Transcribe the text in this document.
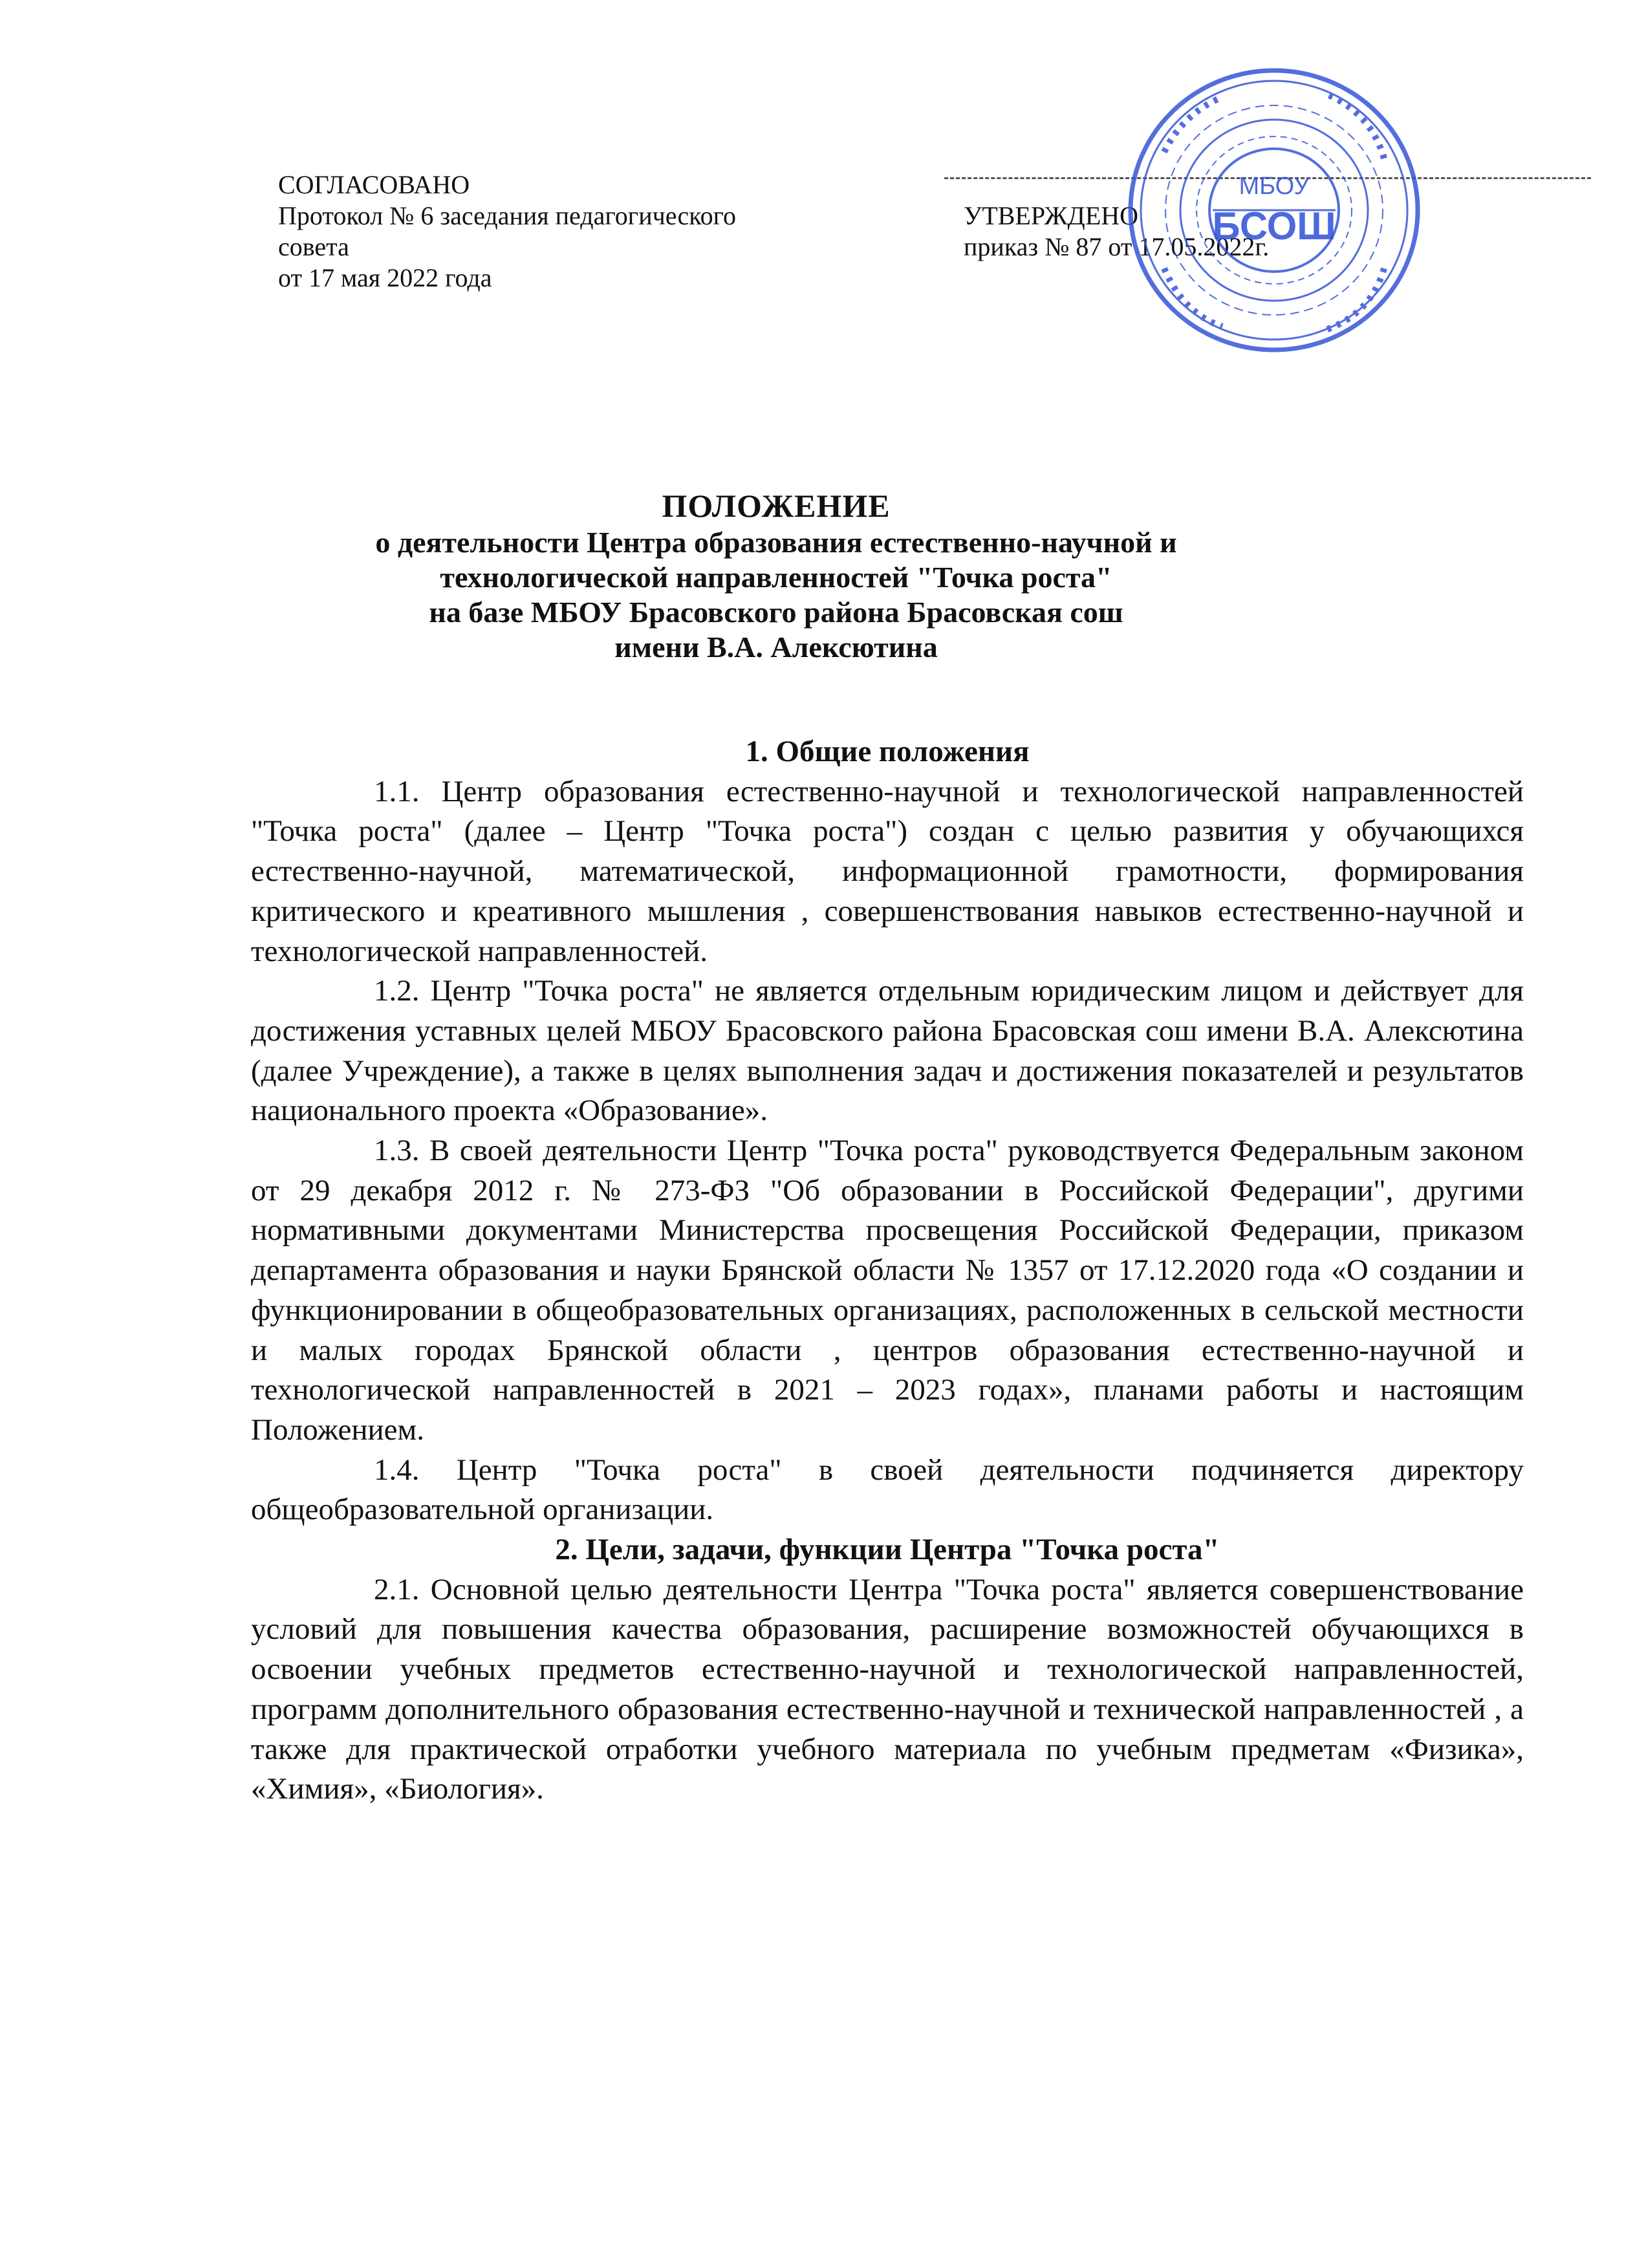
СОГЛАСОВАНО
Протокол № 6 заседания педагогического
совета
от 17 мая 2022 года
УТВЕРЖДЕНО
приказ № 87 от 17.05.2022г.
МБОУ
БСОШ
ПОЛОЖЕНИЕ
о деятельности Центра образования естественно-научной и
технологической направленностей "Точка роста"
на базе МБОУ Брасовского района Брасовская сош
имени В.А. Алексютина
1. Общие положения

1.1. Центр образования естественно-научной и технологической направленностей "Точка роста" (далее – Центр "Точка роста") создан с целью развития у обучающихся естественно-научной, математической, информационной грамотности, формирования критического и креативного мышления , совершенствования навыков естественно-научной и технологической направленностей.

1.2. Центр "Точка роста" не является отдельным юридическим лицом и действует для достижения уставных целей МБОУ Брасовского района Брасовская сош имени В.А. Алексютина (далее Учреждение), а также в целях выполнения задач и достижения показателей и результатов национального проекта «Образование».

1.3. В своей деятельности Центр "Точка роста" руководствуется Федеральным законом от 29 декабря 2012 г. № 273-ФЗ "Об образовании в Российской Федерации", другими нормативными документами Министерства просвещения Российской Федерации, приказом департамента образования и науки Брянской области № 1357 от 17.12.2020 года «О создании и функционировании в общеобразовательных организациях, расположенных в сельской местности и малых городах Брянской области , центров образования естественно-научной и технологической направленностей в 2021 – 2023 годах», планами работы и настоящим Положением.

1.4. Центр "Точка роста" в своей деятельности подчиняется директору общеобразовательной организации.

2. Цели, задачи, функции Центра "Точка роста"

2.1. Основной целью деятельности Центра "Точка роста" является совершенствование условий для повышения качества образования, расширение возможностей обучающихся в освоении учебных предметов естественно-научной и технологической направленностей, программ дополнительного образования естественно-научной и технической направленностей , а также для практической отработки учебного материала по учебным предметам «Физика», «Химия», «Биология».
